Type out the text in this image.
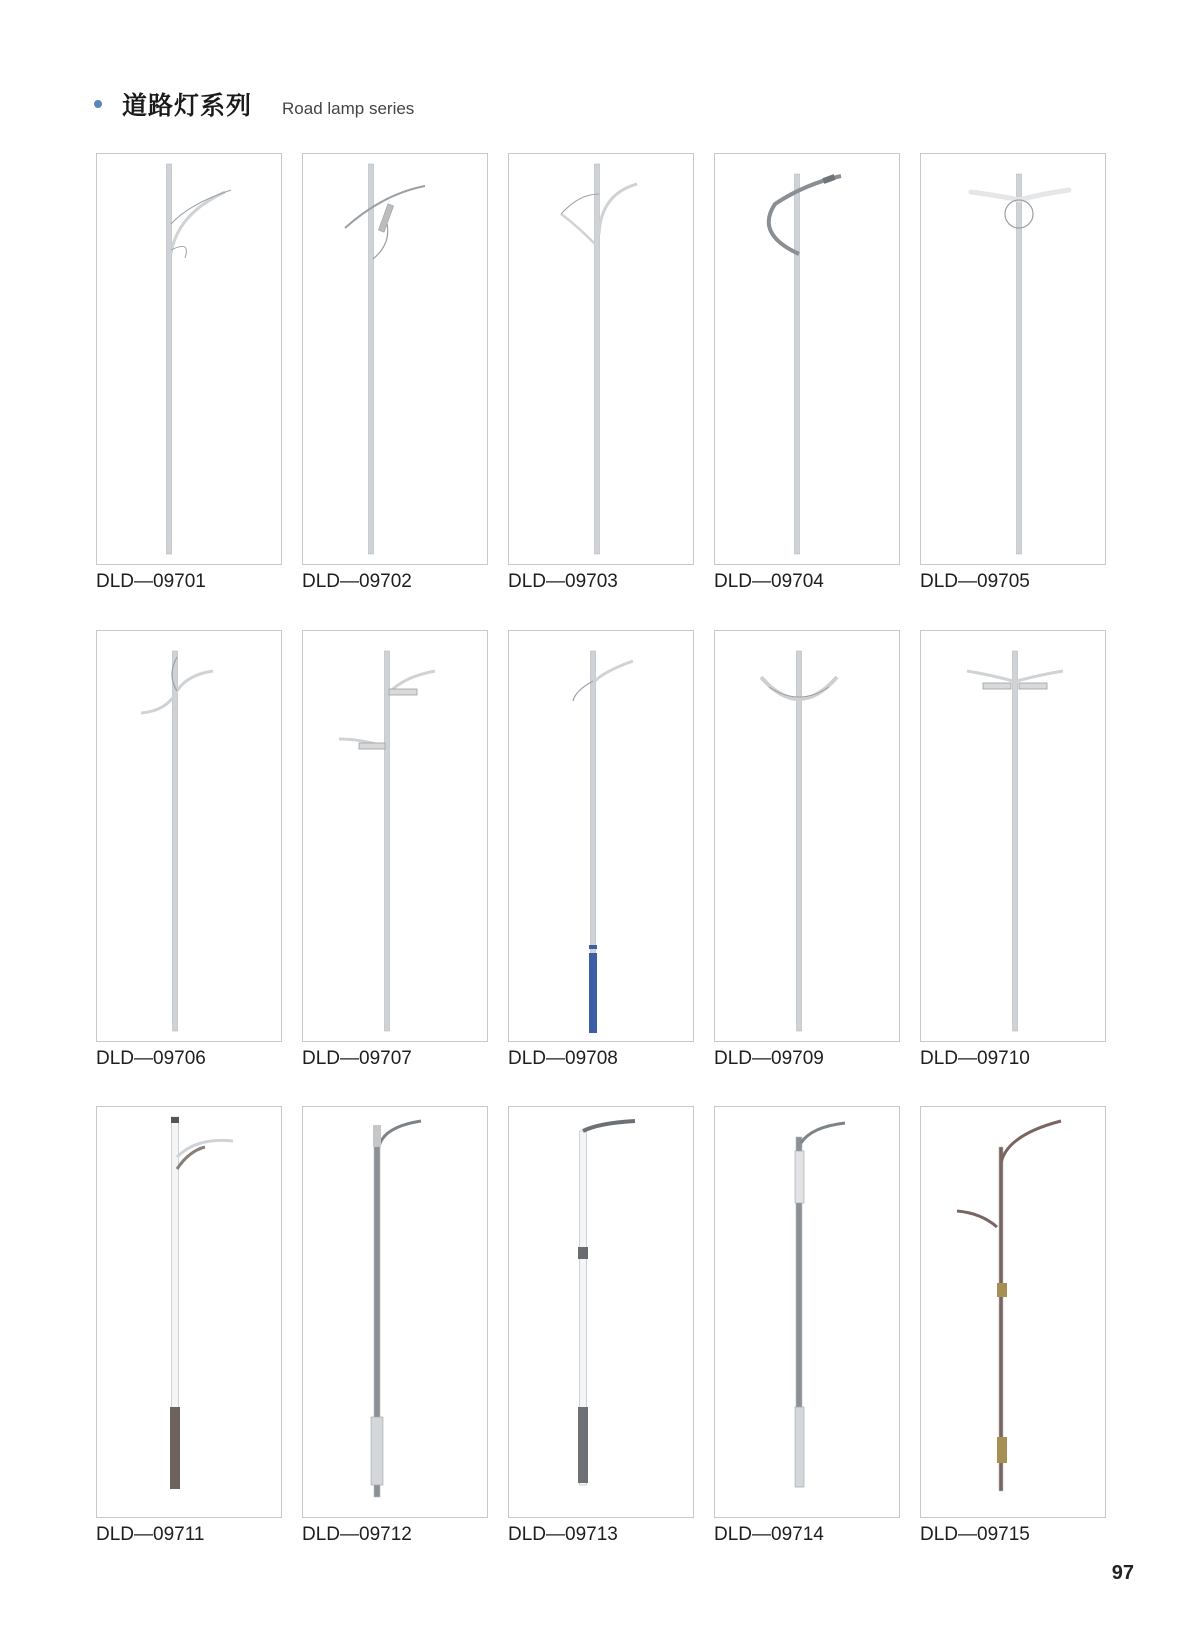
道路灯系列 Road lamp series
DLD—09701	DLD—09702	DLD—09703	DLD—09704	DLD—09705
DLD—09706	DLD—09707	DLD—09708	DLD—09709	DLD—09710
DLD—09711	DLD—09712	DLD—09713	DLD—09714	DLD—09715
97
